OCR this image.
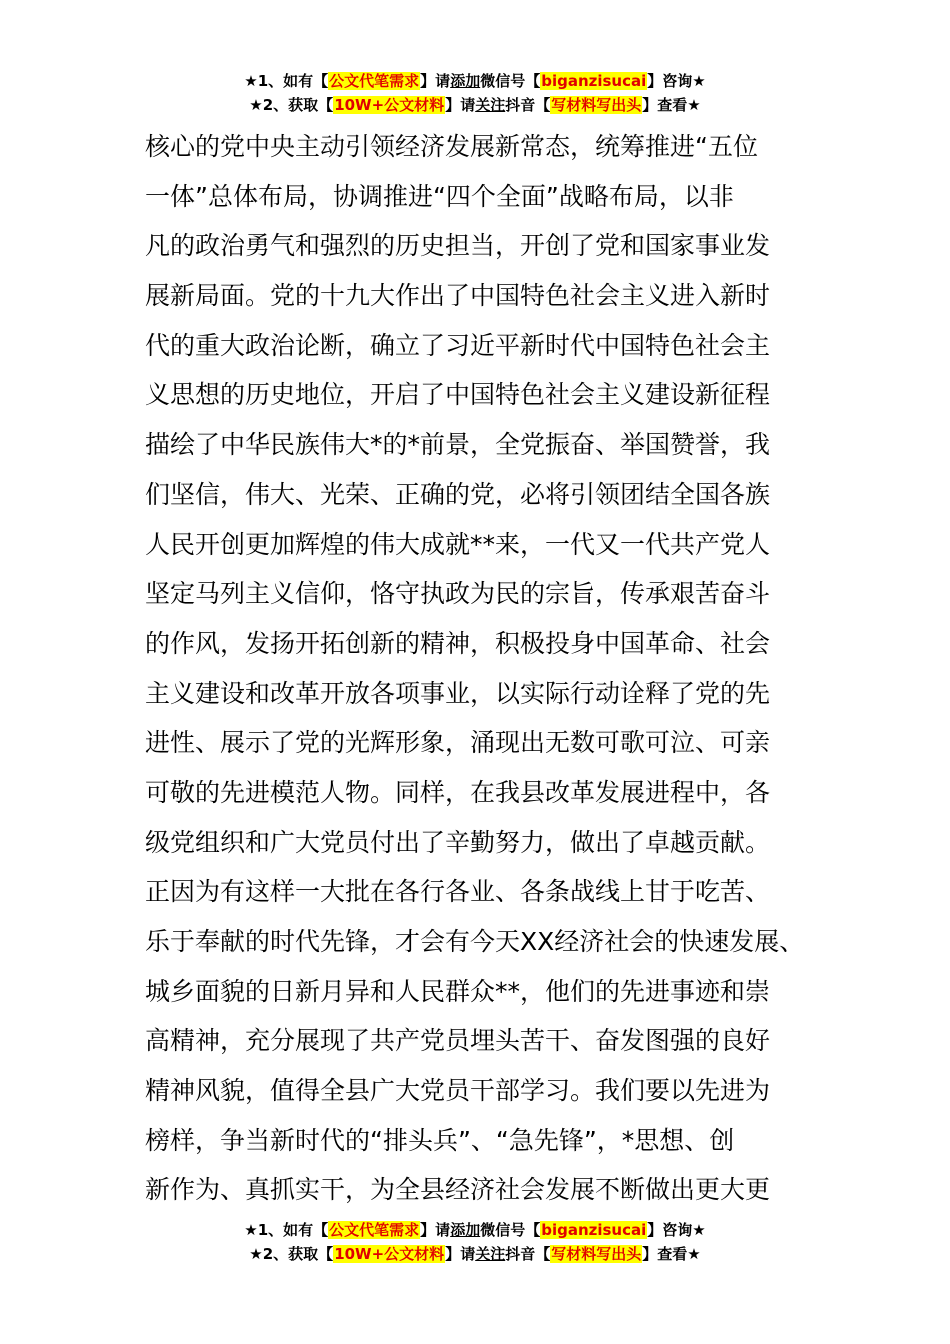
★1、如有【公文代笔需求】请添加微信号【biganzisucai】咨询★
★2、获取【10W+公文材料】请关注抖音【写材料写出头】查看★
核心的党中央主动引领经济发展新常态，统筹推进“五位
一体”总体布局，协调推进“四个全面”战略布局，以非
凡的政治勇气和强烈的历史担当，开创了党和国家事业发
展新局面。党的十九大作出了中国特色社会主义进入新时
代的重大政治论断，确立了习近平新时代中国特色社会主
义思想的历史地位，开启了中国特色社会主义建设新征程
描绘了中华民族伟大*的*前景，全党振奋、举国赞誉，我
们坚信，伟大、光荣、正确的党，必将引领团结全国各族
人民开创更加辉煌的伟大成就**来，一代又一代共产党人
坚定马列主义信仰，恪守执政为民的宗旨，传承艰苦奋斗
的作风，发扬开拓创新的精神，积极投身中国革命、社会
主义建设和改革开放各项事业，以实际行动诠释了党的先
进性、展示了党的光辉形象，涌现出无数可歌可泣、可亲
可敬的先进模范人物。同样，在我县改革发展进程中，各
级党组织和广大党员付出了辛勤努力，做出了卓越贡献。
正因为有这样一大批在各行各业、各条战线上甘于吃苦、
乐于奉献的时代先锋，才会有今天XX经济社会的快速发展、
城乡面貌的日新月异和人民群众**，他们的先进事迹和崇
高精神，充分展现了共产党员埋头苦干、奋发图强的良好
精神风貌，值得全县广大党员干部学习。我们要以先进为
榜样，争当新时代的“排头兵”、“急先锋”，*思想、创
新作为、真抓实干，为全县经济社会发展不断做出更大更
★1、如有【公文代笔需求】请添加微信号【biganzisucai】咨询★
★2、获取【10W+公文材料】请关注抖音【写材料写出头】查看★
